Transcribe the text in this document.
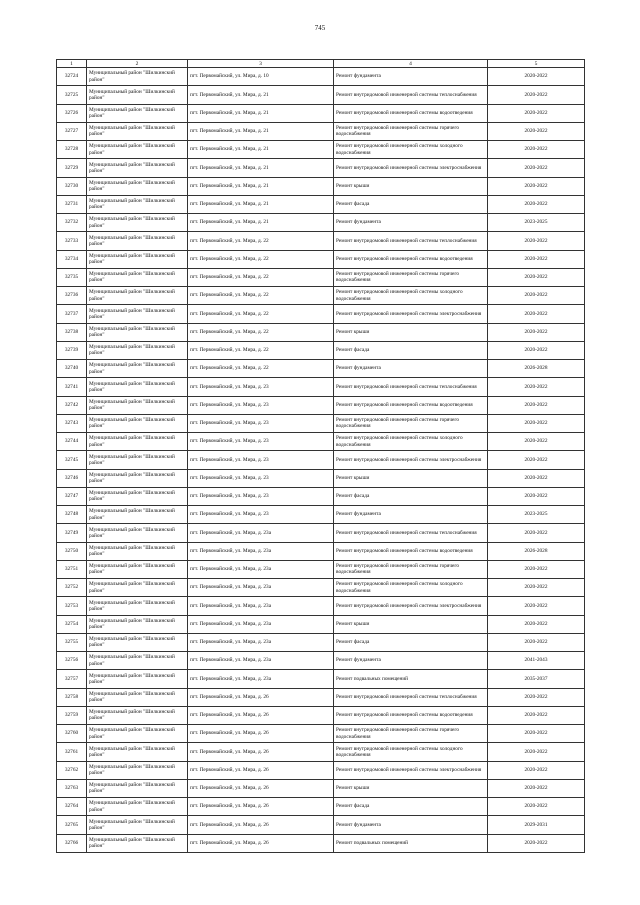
745
1	2	3	4	5
32724	Муниципальный район "Шилкинский район"	пгт. Первомайский, ул. Мира, д. 10	Ремонт фундамента	2020-2022
32725	Муниципальный район "Шилкинский район"	пгт. Первомайский, ул. Мира, д. 21	Ремонт внутридомовой инженерной системы теплоснабжения	2020-2022
32726	Муниципальный район "Шилкинский район"	пгт. Первомайский, ул. Мира, д. 21	Ремонт внутридомовой инженерной системы водоотведения	2020-2022
32727	Муниципальный район "Шилкинский район"	пгт. Первомайский, ул. Мира, д. 21	Ремонт внутридомовой инженерной системы горячего водоснабжения	2020-2022
32728	Муниципальный район "Шилкинский район"	пгт. Первомайский, ул. Мира, д. 21	Ремонт внутридомовой инженерной системы холодного водоснабжения	2020-2022
32729	Муниципальный район "Шилкинский район"	пгт. Первомайский, ул. Мира, д. 21	Ремонт внутридомовой инженерной системы электроснабжения	2020-2022
32730	Муниципальный район "Шилкинский район"	пгт. Первомайский, ул. Мира, д. 21	Ремонт крыши	2020-2022
32731	Муниципальный район "Шилкинский район"	пгт. Первомайский, ул. Мира, д. 21	Ремонт фасада	2020-2022
32732	Муниципальный район "Шилкинский район"	пгт. Первомайский, ул. Мира, д. 21	Ремонт фундамента	2023-2025
32733	Муниципальный район "Шилкинский район"	пгт. Первомайский, ул. Мира, д. 22	Ремонт внутридомовой инженерной системы теплоснабжения	2020-2022
32734	Муниципальный район "Шилкинский район"	пгт. Первомайский, ул. Мира, д. 22	Ремонт внутридомовой инженерной системы водоотведения	2020-2022
32735	Муниципальный район "Шилкинский район"	пгт. Первомайский, ул. Мира, д. 22	Ремонт внутридомовой инженерной системы горячего водоснабжения	2020-2022
32736	Муниципальный район "Шилкинский район"	пгт. Первомайский, ул. Мира, д. 22	Ремонт внутридомовой инженерной системы холодного водоснабжения	2020-2022
32737	Муниципальный район "Шилкинский район"	пгт. Первомайский, ул. Мира, д. 22	Ремонт внутридомовой инженерной системы электроснабжения	2020-2022
32738	Муниципальный район "Шилкинский район"	пгт. Первомайский, ул. Мира, д. 22	Ремонт крыши	2020-2022
32739	Муниципальный район "Шилкинский район"	пгт. Первомайский, ул. Мира, д. 22	Ремонт фасада	2020-2022
32740	Муниципальный район "Шилкинский район"	пгт. Первомайский, ул. Мира, д. 22	Ремонт фундамента	2026-2028
32741	Муниципальный район "Шилкинский район"	пгт. Первомайский, ул. Мира, д. 23	Ремонт внутридомовой инженерной системы теплоснабжения	2020-2022
32742	Муниципальный район "Шилкинский район"	пгт. Первомайский, ул. Мира, д. 23	Ремонт внутридомовой инженерной системы водоотведения	2020-2022
32743	Муниципальный район "Шилкинский район"	пгт. Первомайский, ул. Мира, д. 23	Ремонт внутридомовой инженерной системы горячего водоснабжения	2020-2022
32744	Муниципальный район "Шилкинский район"	пгт. Первомайский, ул. Мира, д. 23	Ремонт внутридомовой инженерной системы холодного водоснабжения	2020-2022
32745	Муниципальный район "Шилкинский район"	пгт. Первомайский, ул. Мира, д. 23	Ремонт внутридомовой инженерной системы электроснабжения	2020-2022
32746	Муниципальный район "Шилкинский район"	пгт. Первомайский, ул. Мира, д. 23	Ремонт крыши	2020-2022
32747	Муниципальный район "Шилкинский район"	пгт. Первомайский, ул. Мира, д. 23	Ремонт фасада	2020-2022
32748	Муниципальный район "Шилкинский район"	пгт. Первомайский, ул. Мира, д. 23	Ремонт фундамента	2023-2025
32749	Муниципальный район "Шилкинский район"	пгт. Первомайский, ул. Мира, д. 23а	Ремонт внутридомовой инженерной системы теплоснабжения	2020-2022
32750	Муниципальный район "Шилкинский район"	пгт. Первомайский, ул. Мира, д. 23а	Ремонт внутридомовой инженерной системы водоотведения	2026-2028
32751	Муниципальный район "Шилкинский район"	пгт. Первомайский, ул. Мира, д. 23а	Ремонт внутридомовой инженерной системы горячего водоснабжения	2020-2022
32752	Муниципальный район "Шилкинский район"	пгт. Первомайский, ул. Мира, д. 23а	Ремонт внутридомовой инженерной системы холодного водоснабжения	2020-2022
32753	Муниципальный район "Шилкинский район"	пгт. Первомайский, ул. Мира, д. 23а	Ремонт внутридомовой инженерной системы электроснабжения	2020-2022
32754	Муниципальный район "Шилкинский район"	пгт. Первомайский, ул. Мира, д. 23а	Ремонт крыши	2020-2022
32755	Муниципальный район "Шилкинский район"	пгт. Первомайский, ул. Мира, д. 23а	Ремонт фасада	2020-2022
32756	Муниципальный район "Шилкинский район"	пгт. Первомайский, ул. Мира, д. 23а	Ремонт фундамента	2041-2043
32757	Муниципальный район "Шилкинский район"	пгт. Первомайский, ул. Мира, д. 23а	Ремонт подвальных помещений	2035-2037
32758	Муниципальный район "Шилкинский район"	пгт. Первомайский, ул. Мира, д. 26	Ремонт внутридомовой инженерной системы теплоснабжения	2020-2022
32759	Муниципальный район "Шилкинский район"	пгт. Первомайский, ул. Мира, д. 26	Ремонт внутридомовой инженерной системы водоотведения	2020-2022
32760	Муниципальный район "Шилкинский район"	пгт. Первомайский, ул. Мира, д. 26	Ремонт внутридомовой инженерной системы горячего водоснабжения	2020-2022
32761	Муниципальный район "Шилкинский район"	пгт. Первомайский, ул. Мира, д. 26	Ремонт внутридомовой инженерной системы холодного водоснабжения	2020-2022
32762	Муниципальный район "Шилкинский район"	пгт. Первомайский, ул. Мира, д. 26	Ремонт внутридомовой инженерной системы электроснабжения	2020-2022
32763	Муниципальный район "Шилкинский район"	пгт. Первомайский, ул. Мира, д. 26	Ремонт крыши	2020-2022
32764	Муниципальный район "Шилкинский район"	пгт. Первомайский, ул. Мира, д. 26	Ремонт фасада	2020-2022
32765	Муниципальный район "Шилкинский район"	пгт. Первомайский, ул. Мира, д. 26	Ремонт фундамента	2029-2031
32766	Муниципальный район "Шилкинский район"	пгт. Первомайский, ул. Мира, д. 26	Ремонт подвальных помещений	2020-2022
